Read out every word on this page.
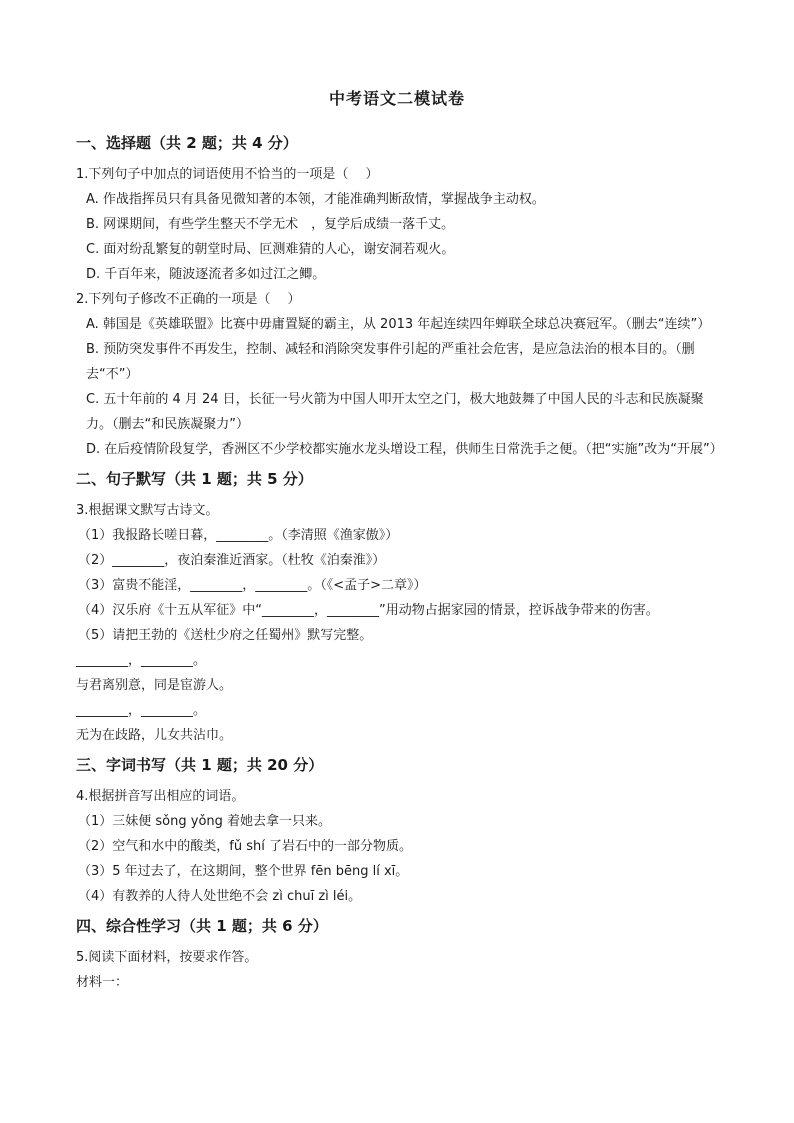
中考语文二模试卷
一、选择题（共 2 题；共 4 分）
1.下列句子中加点的词语使用不恰当的一项是（　 ）
A. 作战指挥员只有具备见微知著的本领，才能准确判断敌情，掌握战争主动权。
B. 网课期间，有些学生整天不学无术　，复学后成绩一落千丈。
C. 面对纷乱繁复的朝堂时局、叵测难猜的人心，谢安洞若观火。
D. 千百年来，随波逐流者多如过江之鲫。
2.下列句子修改不正确的一项是（　 ）
A. 韩国是《英雄联盟》比赛中毋庸置疑的霸主，从 2013 年起连续四年蝉联全球总决赛冠军。（删去“连续”）
B. 预防突发事件不再发生，控制、减轻和消除突发事件引起的严重社会危害，是应急法治的根本目的。（删去“不”）
C. 五十年前的 4 月 24 日，长征一号火箭为中国人叩开太空之门，极大地鼓舞了中国人民的斗志和民族凝聚力。（删去“和民族凝聚力”）
D. 在后疫情阶段复学，香洲区不少学校都实施水龙头增设工程，供师生日常洗手之便。（把“实施”改为“开展”）
二、句子默写（共 1 题；共 5 分）
3.根据课文默写古诗文。
（1）我报路长嗟日暮，________。（李清照《渔家傲》）
（2）________，夜泊秦淮近酒家。（杜牧《泊秦淮》）
（3）富贵不能淫，________，________。（《<孟子>二章》）
（4）汉乐府《十五从军征》中“________，________”用动物占据家园的情景，控诉战争带来的伤害。
（5）请把王勃的《送杜少府之任蜀州》默写完整。
________，________。
与君离别意，同是宦游人。
________，________。
无为在歧路，儿女共沾巾。
三、字词书写（共 1 题；共 20 分）
4.根据拼音写出相应的词语。
（1）三妹便 sǒng yǒng 着她去拿一只来。
（2）空气和水中的酸类，fǔ shí 了岩石中的一部分物质。
（3）5 年过去了，在这期间，整个世界 fēn bēng lí xī。
（4）有教养的人待人处世绝不会 zì chuī zì léi。
四、综合性学习（共 1 题；共 6 分）
5.阅读下面材料，按要求作答。
材料一：
